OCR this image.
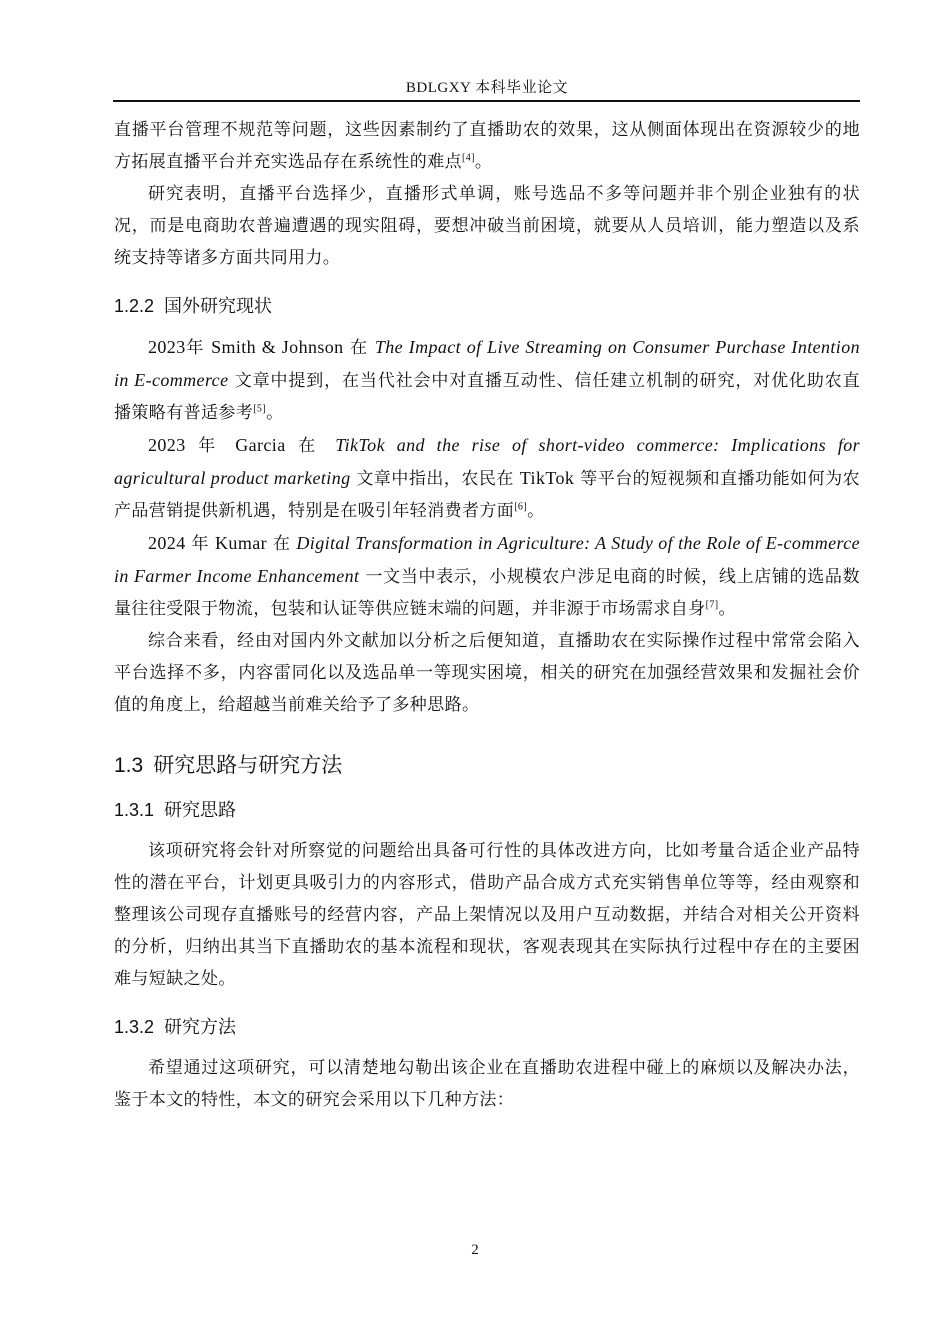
BDLGXY 本科毕业论文

直播平台管理不规范等问题，这些因素制约了直播助农的效果，这从侧面体现出在资源较少的地方拓展直播平台并充实选品存在系统性的难点[4]。

研究表明，直播平台选择少，直播形式单调，账号选品不多等问题并非个别企业独有的状况，而是电商助农普遍遭遇的现实阻碍，要想冲破当前困境，就要从人员培训，能力塑造以及系统支持等诸多方面共同用力。

1.2.2 国外研究现状

2023年 Smith & Johnson 在 The Impact of Live Streaming on Consumer Purchase Intention in E-commerce 文章中提到，在当代社会中对直播互动性、信任建立机制的研究，对优化助农直播策略有普适参考[5]。

2023 年 Garcia 在 TikTok and the rise of short-video commerce: Implications for agricultural product marketing 文章中指出，农民在 TikTok 等平台的短视频和直播功能如何为农产品营销提供新机遇，特别是在吸引年轻消费者方面[6]。

2024 年 Kumar 在 Digital Transformation in Agriculture: A Study of the Role of E-commerce in Farmer Income Enhancement 一文当中表示，小规模农户涉足电商的时候，线上店铺的选品数量往往受限于物流，包装和认证等供应链末端的问题，并非源于市场需求自身[7]。

综合来看，经由对国内外文献加以分析之后便知道，直播助农在实际操作过程中常常会陷入平台选择不多，内容雷同化以及选品单一等现实困境，相关的研究在加强经营效果和发掘社会价值的角度上，给超越当前难关给予了多种思路。

1.3 研究思路与研究方法
1.3.1 研究思路

该项研究将会针对所察觉的问题给出具备可行性的具体改进方向，比如考量合适企业产品特性的潜在平台，计划更具吸引力的内容形式，借助产品合成方式充实销售单位等等，经由观察和整理该公司现存直播账号的经营内容，产品上架情况以及用户互动数据，并结合对相关公开资料的分析，归纳出其当下直播助农的基本流程和现状，客观表现其在实际执行过程中存在的主要困难与短缺之处。

1.3.2 研究方法

希望通过这项研究，可以清楚地勾勒出该企业在直播助农进程中碰上的麻烦以及解决办法，鉴于本文的特性，本文的研究会采用以下几种方法：

2
